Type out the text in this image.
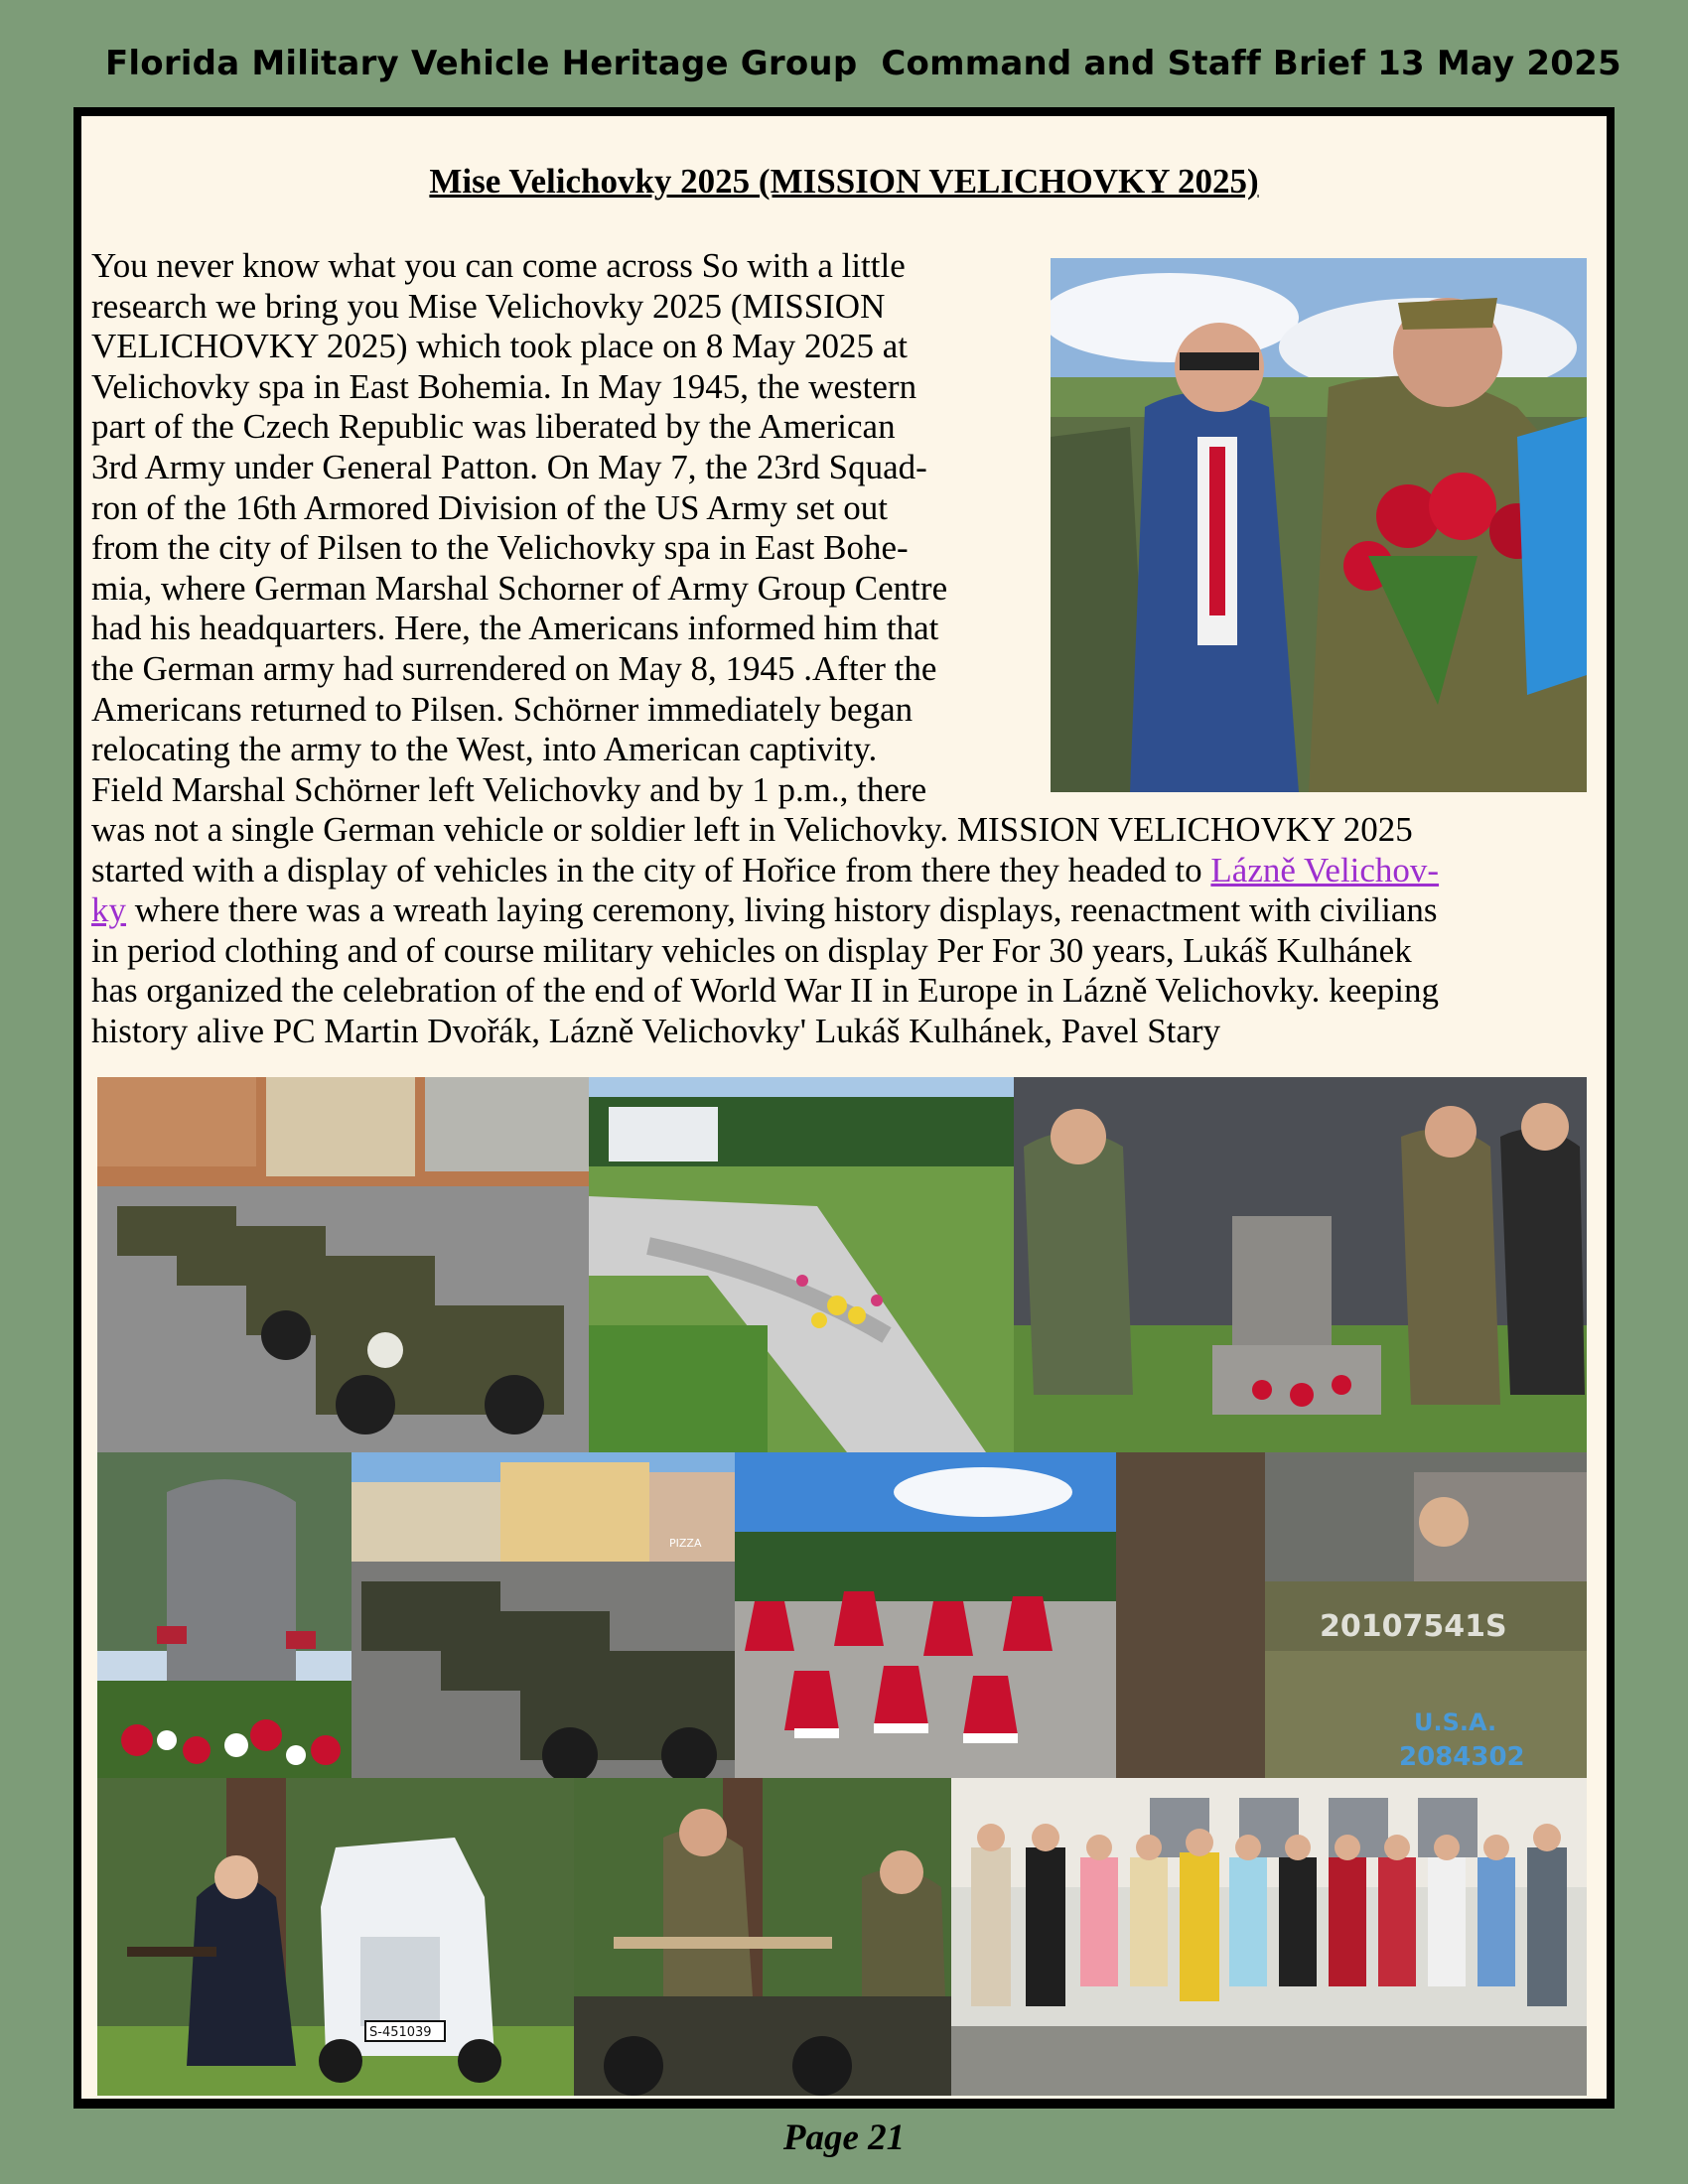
Florida Military Vehicle Heritage Group Command and Staff Brief 13 May 2025
Mise Velichovky 2025 (MISSION VELICHOVKY 2025)
You never know what you can come across So with a little
research we bring you Mise Velichovky 2025 (MISSION
VELICHOVKY 2025) which took place on 8 May 2025 at
Velichovky spa in East Bohemia. In May 1945, the western
part of the Czech Republic was liberated by the American
3rd Army under General Patton. On May 7, the 23rd Squad-
ron of the 16th Armored Division of the US Army set out
from the city of Pilsen to the Velichovky spa in East Bohe-
mia, where German Marshal Schorner of Army Group Centre
had his headquarters. Here, the Americans informed him that
the German army had surrendered on May 8, 1945 .After the
Americans returned to Pilsen. Schörner immediately began
relocating the army to the West, into American captivity.
Field Marshal Schörner left Velichovky and by 1 p.m., there
was not a single German vehicle or soldier left in Velichovky. MISSION VELICHOVKY 2025
started with a display of vehicles in the city of Hořice from there they headed to Lázně Velichov-
ky where there was a wreath laying ceremony, living history displays, reenactment with civilians
in period clothing and of course military vehicles on display Per For 30 years, Lukáš Kulhánek
has organized the celebration of the end of World War II in Europe in Lázně Velichovky. keeping
history alive PC Martin Dvořák, Lázně Velichovky' Lukáš Kulhánek, Pavel Stary
PIZZA
20107541S
U.S.A.
2084302
S-451039
Page 21
